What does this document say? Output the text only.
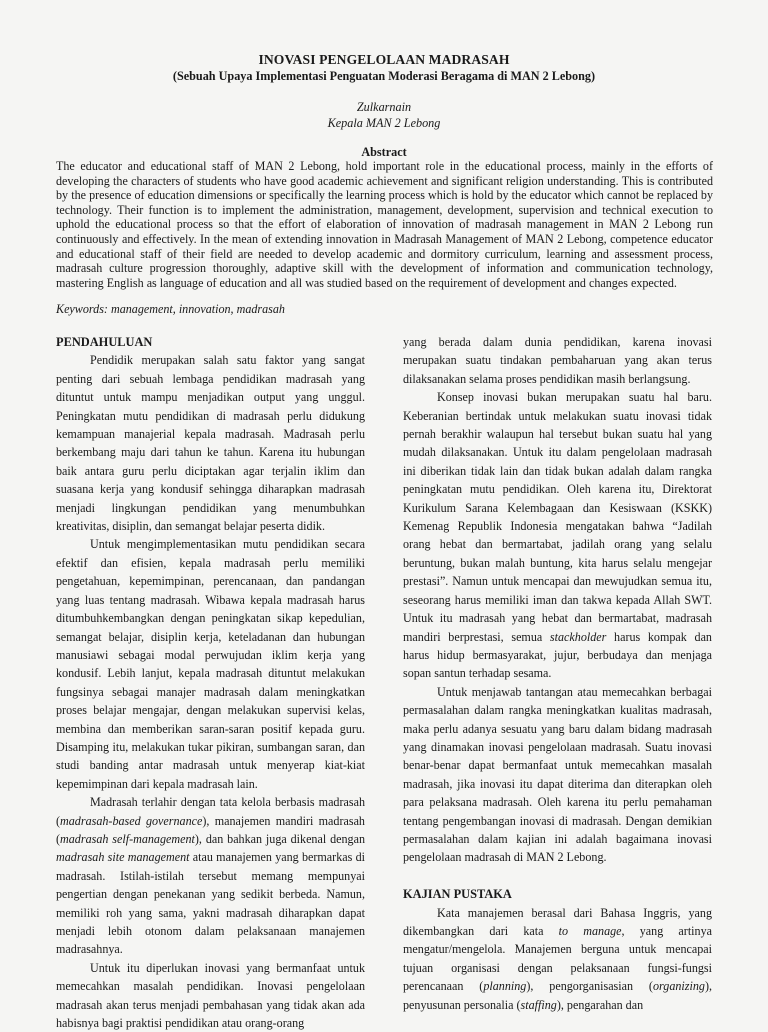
INOVASI PENGELOLAAN MADRASAH
(Sebuah Upaya Implementasi Penguatan Moderasi Beragama di MAN 2 Lebong)
Zulkarnain
Kepala MAN 2 Lebong
Abstract

The educator and educational staff of MAN 2 Lebong, hold important role in the educational process, mainly in the efforts of developing the characters of students who have good academic achievement and significant religion understanding. This is contributed by the presence of education dimensions or specifically the learning process which is hold by the educator which cannot be replaced by technology. Their function is to implement the administration, management, development, supervision and technical execution to uphold the educational process so that the effort of elaboration of innovation of madrasah management in MAN 2 Lebong run continuously and effectively. In the mean of extending innovation in Madrasah Management of MAN 2 Lebong, competence educator and educational staff of their field are needed to develop academic and dormitory curriculum, learning and assessment process, madrasah culture progression thoroughly, adaptive skill with the development of information and communication technology, mastering English as language of education and all was studied based on the requirement of development and changes expected.

Keywords: management, innovation, madrasah

PENDAHULUAN

Pendidik merupakan salah satu faktor yang sangat penting dari sebuah lembaga pendidikan madrasah yang dituntut untuk mampu menjadikan output yang unggul. Peningkatan mutu pendidikan di madrasah perlu didukung kemampuan manajerial kepala madrasah. Madrasah perlu berkembang maju dari tahun ke tahun. Karena itu hubungan baik antara guru perlu diciptakan agar terjalin iklim dan suasana kerja yang kondusif sehingga diharapkan madrasah menjadi lingkungan pendidikan yang menumbuhkan kreativitas, disiplin, dan semangat belajar peserta didik.

Untuk mengimplementasikan mutu pendidikan secara efektif dan efisien, kepala madrasah perlu memiliki pengetahuan, kepemimpinan, perencanaan, dan pandangan yang luas tentang madrasah. Wibawa kepala madrasah harus ditumbuhkembangkan dengan peningkatan sikap kepedulian, semangat belajar, disiplin kerja, keteladanan dan hubungan manusiawi sebagai modal perwujudan iklim kerja yang kondusif. Lebih lanjut, kepala madrasah dituntut melakukan fungsinya sebagai manajer madrasah dalam meningkatkan proses belajar mengajar, dengan melakukan supervisi kelas, membina dan memberikan saran-saran positif kepada guru. Disamping itu, melakukan tukar pikiran, sumbangan saran, dan studi banding antar madrasah untuk menyerap kiat-kiat kepemimpinan dari kepala madrasah lain.

Madrasah terlahir dengan tata kelola berbasis madrasah (madrasah-based governance), manajemen mandiri madrasah (madrasah self-management), dan bahkan juga dikenal dengan madrasah site management atau manajemen yang bermarkas di madrasah. Istilah-istilah tersebut memang mempunyai pengertian dengan penekanan yang sedikit berbeda. Namun, memiliki roh yang sama, yakni madrasah diharapkan dapat menjadi lebih otonom dalam pelaksanaan manajemen madrasahnya.

Untuk itu diperlukan inovasi yang bermanfaat untuk memecahkan masalah pendidikan. Inovasi pengelolaan madrasah akan terus menjadi pembahasan yang tidak akan ada habisnya bagi praktisi pendidikan atau orang-orang

yang berada dalam dunia pendidikan, karena inovasi merupakan suatu tindakan pembaharuan yang akan terus dilaksanakan selama proses pendidikan masih berlangsung.

Konsep inovasi bukan merupakan suatu hal baru. Keberanian bertindak untuk melakukan suatu inovasi tidak pernah berakhir walaupun hal tersebut bukan suatu hal yang mudah dilaksanakan. Untuk itu dalam pengelolaan madrasah ini diberikan tidak lain dan tidak bukan adalah dalam rangka peningkatan mutu pendidikan. Oleh karena itu, Direktorat Kurikulum Sarana Kelembagaan dan Kesiswaan (KSKK) Kemenag Republik Indonesia mengatakan bahwa “Jadilah orang hebat dan bermartabat, jadilah orang yang selalu beruntung, bukan malah buntung, kita harus selalu mengejar prestasi”. Namun untuk mencapai dan mewujudkan semua itu, seseorang harus memiliki iman dan takwa kepada Allah SWT. Untuk itu madrasah yang hebat dan bermartabat, madrasah mandiri berprestasi, semua stackholder harus kompak dan harus hidup bermasyarakat, jujur, berbudaya dan menjaga sopan santun terhadap sesama.

Untuk menjawab tantangan atau memecahkan berbagai permasalahan dalam rangka meningkatkan kualitas madrasah, maka perlu adanya sesuatu yang baru dalam bidang madrasah yang dinamakan inovasi pengelolaan madrasah. Suatu inovasi benar-benar dapat bermanfaat untuk memecahkan masalah madrasah, jika inovasi itu dapat diterima dan diterapkan oleh para pelaksana madrasah. Oleh karena itu perlu pemahaman tentang pengembangan inovasi di madrasah. Dengan demikian permasalahan dalam kajian ini adalah bagaimana inovasi pengelolaan madrasah di MAN 2 Lebong.

KAJIAN PUSTAKA

Kata manajemen berasal dari Bahasa Inggris, yang dikembangkan dari kata to manage, yang artinya mengatur/mengelola. Manajemen berguna untuk mencapai tujuan organisasi dengan pelaksanaan fungsi-fungsi perencanaan (planning), pengorganisasian (organizing), penyusunan personalia (staffing), pengarahan dan
